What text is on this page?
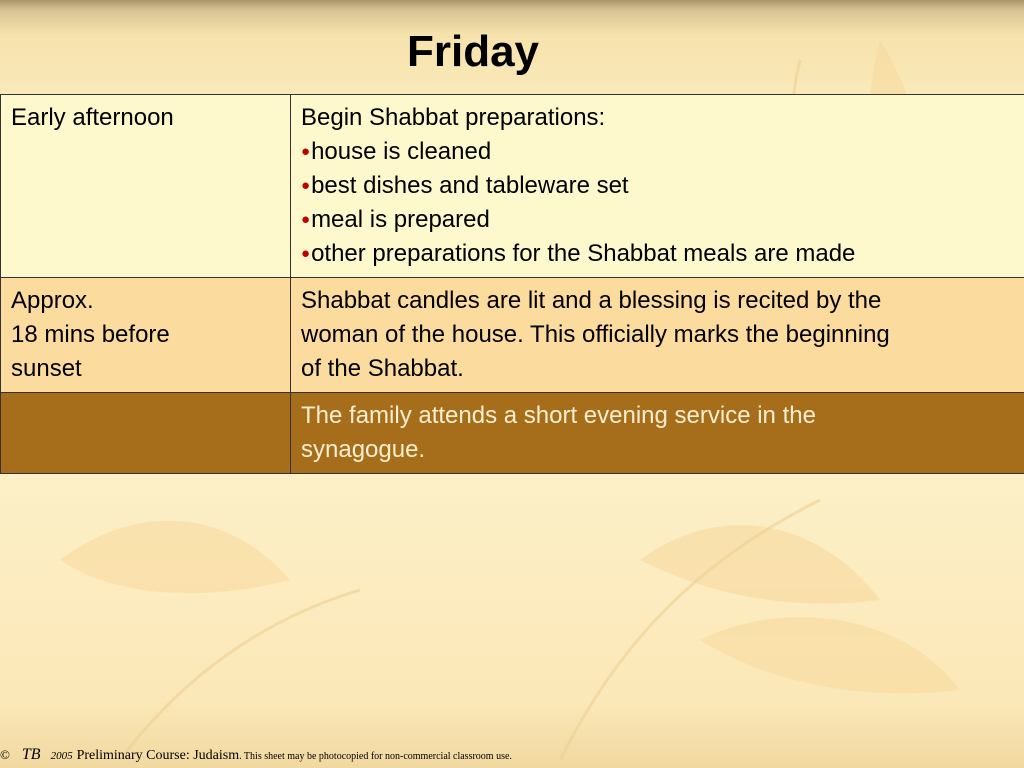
Friday
Early afternoon	Begin Shabbat preparations:
●house is cleaned
●best dishes and tableware set
●meal is prepared
●other preparations for the Shabbat meals are made

Approx.
18 mins before
sunset	Shabbat candles are lit and a blessing is recited by the
woman of the house. This officially marks the beginning
of the Shabbat.

	The family attends a short evening service in the
synagogue.
© TB 2005 Preliminary Course: Judaism. This sheet may be photocopied for non-commercial classroom use.
